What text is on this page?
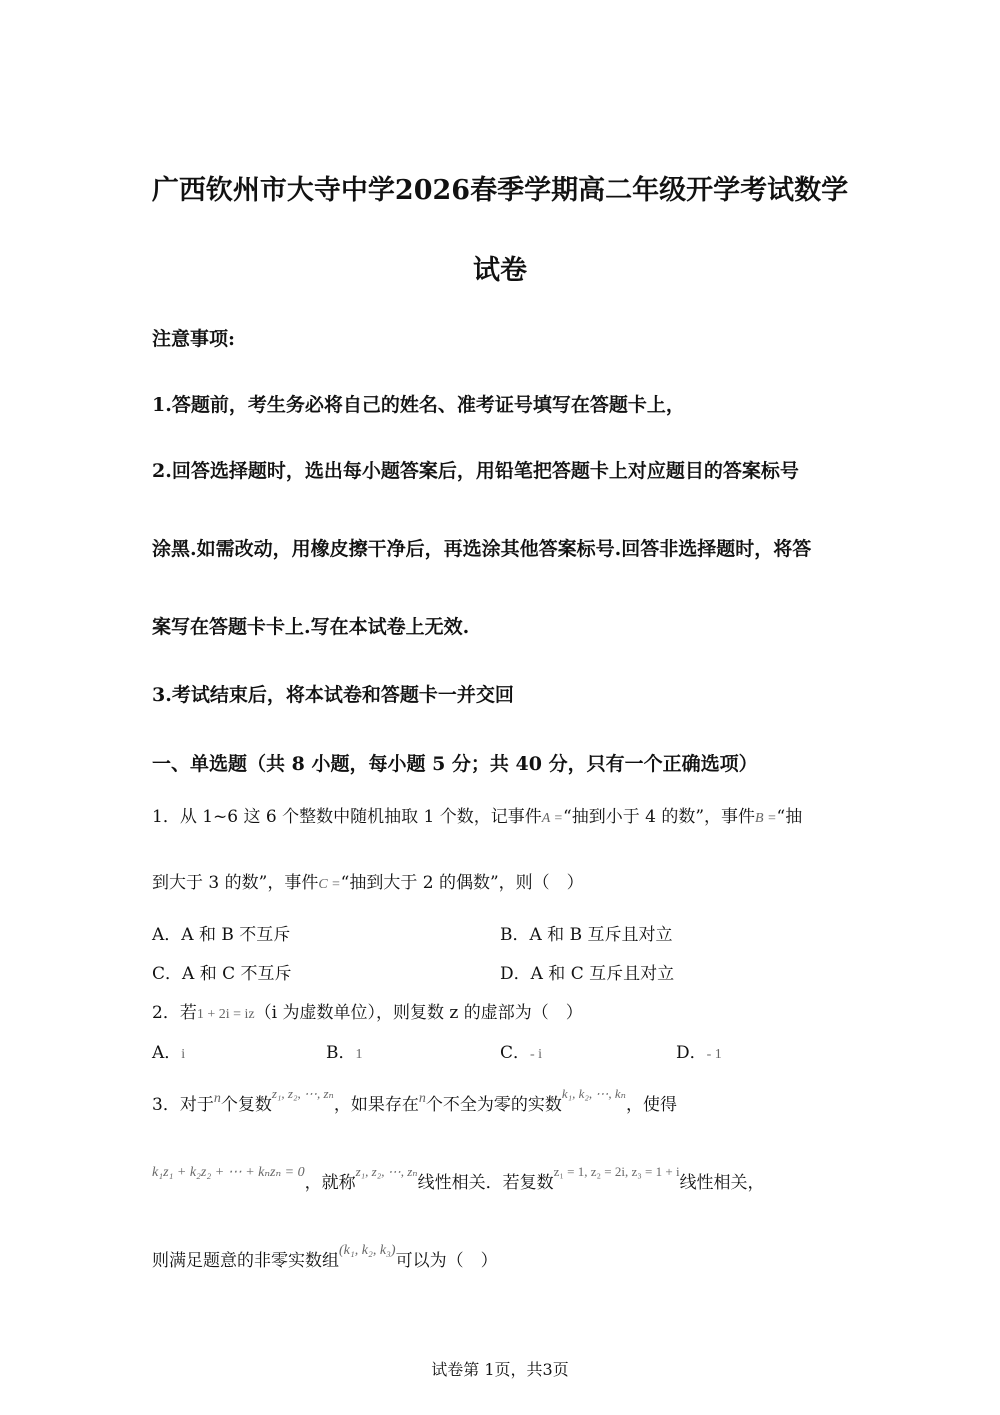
广西钦州市大寺中学2026春季学期高二年级开学考试数学
试卷
注意事项:
1.答题前，考生务必将自己的姓名、准考证号填写在答题卡上，
2.回答选择题时，选出每小题答案后，用铅笔把答题卡上对应题目的答案标号
涂黑.如需改动，用橡皮擦干净后，再选涂其他答案标号.回答非选择题时，将答
案写在答题卡卡上.写在本试卷上无效.
3.考试结束后，将本试卷和答题卡一并交回
一、单选题（共 8 小题，每小题 5 分；共 40 分，只有一个正确选项）
1．从 1~6 这 6 个整数中随机抽取 1 个数，记事件A =“抽到小于 4 的数”，事件B =“抽
到大于 3 的数”，事件C =“抽到大于 2 的偶数”，则（　）
A．A 和 B 不互斥	B．A 和 B 互斥且对立
C．A 和 C 不互斥	D．A 和 C 互斥且对立
2．若1 + 2i = iz（i 为虚数单位），则复数 z 的虚部为（　）
A．i	B．1	C．- i	D．- 1
3．对于$^n$个复数$^{z_1, z_2, \cdots, z_n}$，如果存在$^n$个不全为零的实数$^{k_1, k_2, \cdots, k_n}$，使得
$^{k_1z_1 + k_2z_2 + \cdots + k_nz_n = 0}$，就称$^{z_1, z_2, \cdots, z_n}$线性相关．若复数$^{z_1 = 1, z_2 = 2i, z_3 = 1 + i}$线性相关，
则满足题意的非零实数组$^{(k_1, k_2, k_3)}$可以为（　）
试卷第 1页，共3页
